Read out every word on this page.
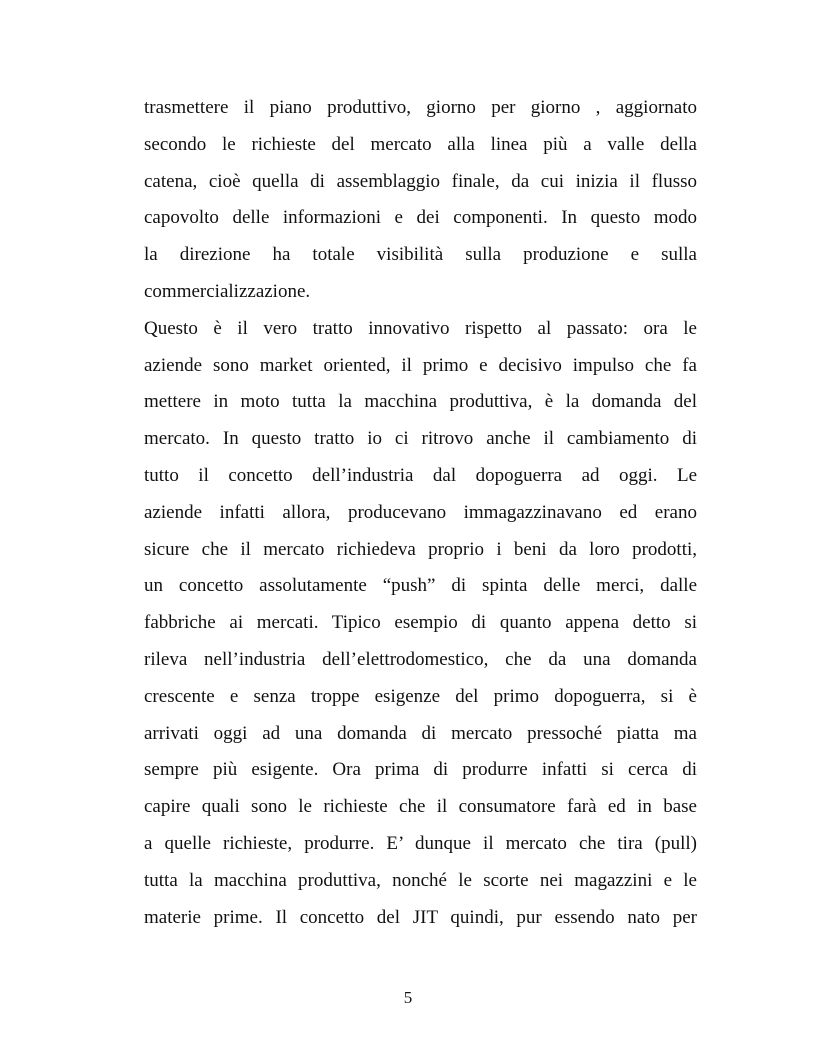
trasmettere il piano produttivo, giorno per giorno , aggiornato
secondo le richieste del mercato alla linea più a valle della
catena, cioè quella di assemblaggio finale, da cui inizia il flusso
capovolto delle informazioni e dei componenti. In questo modo
la direzione ha totale visibilità sulla produzione e sulla
commercializzazione.
Questo è il vero tratto innovativo rispetto al passato: ora le
aziende sono market oriented, il primo e decisivo impulso che fa
mettere in moto tutta la macchina produttiva, è la domanda del
mercato. In questo tratto io ci ritrovo anche il cambiamento di
tutto il concetto dell’industria dal dopoguerra ad oggi. Le
aziende infatti allora, producevano immagazzinavano ed erano
sicure che il mercato richiedeva proprio i beni da loro prodotti,
un concetto assolutamente “push” di spinta delle merci, dalle
fabbriche ai mercati. Tipico esempio di quanto appena detto si
rileva nell’industria dell’elettrodomestico, che da una domanda
crescente e senza troppe esigenze del primo dopoguerra, si è
arrivati oggi ad una domanda di mercato pressoché piatta ma
sempre più esigente. Ora prima di produrre infatti si cerca di
capire quali sono le richieste che il consumatore farà ed in base
a quelle richieste, produrre. E’ dunque il mercato che tira (pull)
tutta la macchina produttiva, nonché le scorte nei magazzini e le
materie prime. Il concetto del JIT quindi, pur essendo nato per
5
